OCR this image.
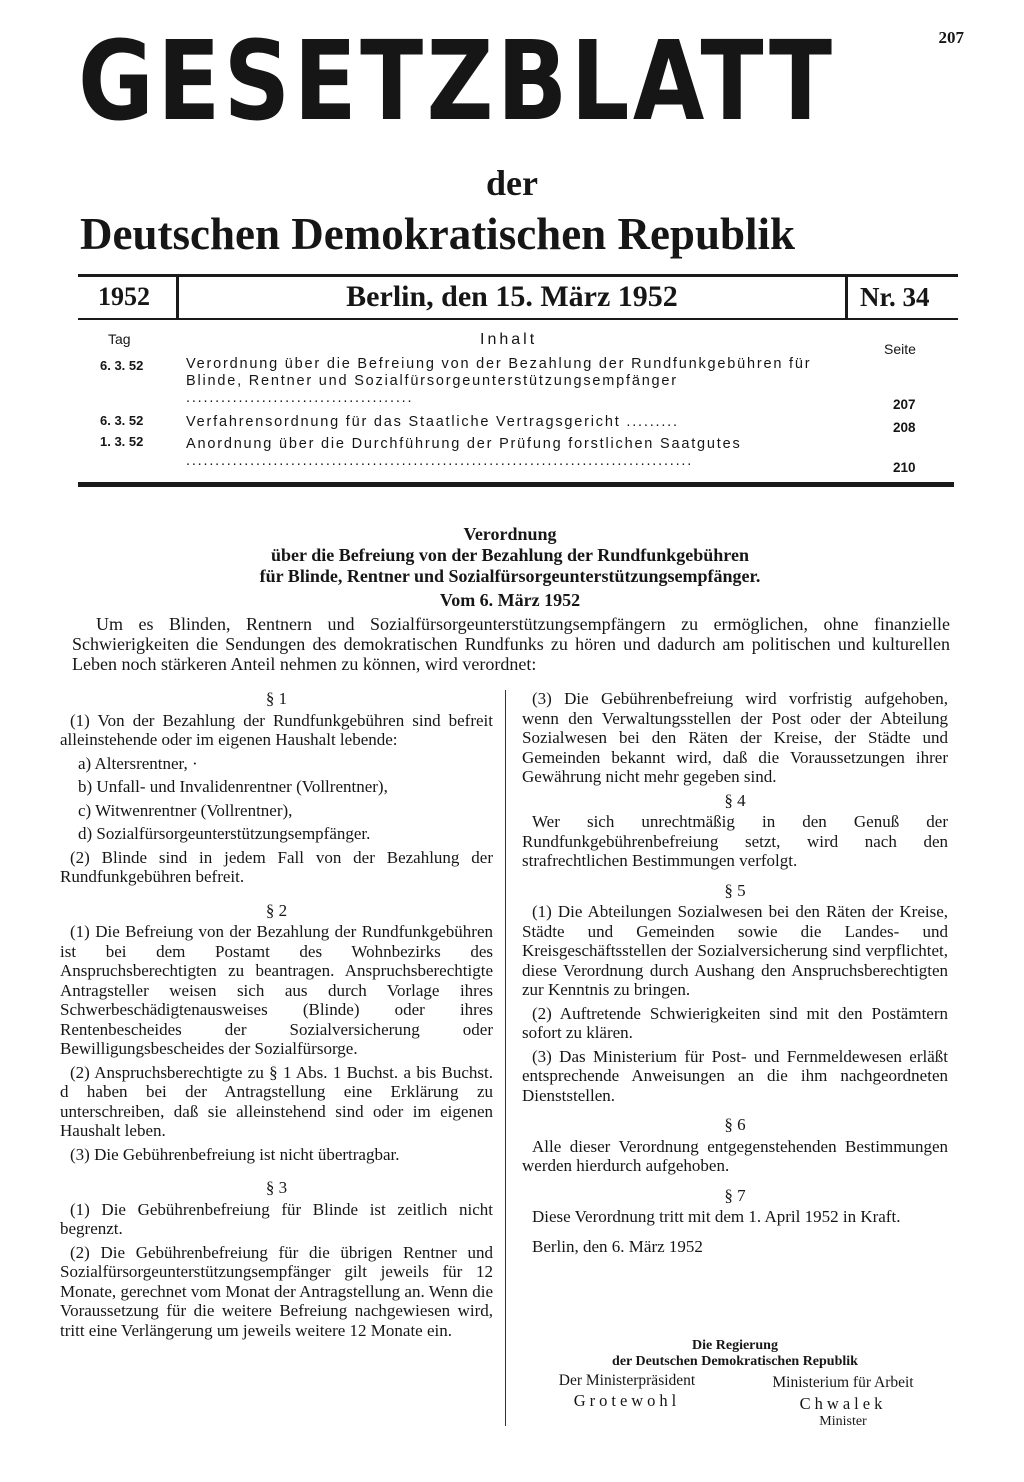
207
GESETZBLATT
der
Deutschen Demokratischen Republik
1952	Berlin, den 15. März 1952	Nr. 34
Tag	Inhalt
Seite
6. 3. 52	Verordnung über die Befreiung von der Bezahlung der Rundfunkgebühren für Blinde, Rentner und Sozialfürsorgeunterstützungsempfänger .......................................	207
6. 3. 52	Verfahrensordnung für das Staatliche Vertragsgericht .........	208
1. 3. 52	Anordnung über die Durchführung der Prüfung forstlichen Saatgutes .......................................................................................	210
Verordnung
über die Befreiung von der Bezahlung der Rundfunkgebühren
für Blinde, Rentner und Sozialfürsorgeunterstützungsempfänger.
Vom 6. März 1952
Um es Blinden, Rentnern und Sozialfürsorgeunterstützungsempfängern zu ermöglichen, ohne finanzielle Schwierigkeiten die Sendungen des demokratischen Rundfunks zu hören und dadurch am politischen und kulturellen Leben noch stärkeren Anteil nehmen zu können, wird verordnet:

§ 1

(1) Von der Bezahlung der Rundfunkgebühren sind befreit alleinstehende oder im eigenen Haushalt lebende:

a) Altersrentner, ·

b) Unfall- und Invalidenrentner (Vollrentner),

c) Witwenrentner (Vollrentner),

d) Sozialfürsorgeunterstützungsempfänger.

(2) Blinde sind in jedem Fall von der Bezahlung der Rundfunkgebühren befreit.

§ 2

(1) Die Befreiung von der Bezahlung der Rundfunkgebühren ist bei dem Postamt des Wohnbezirks des Anspruchsberechtigten zu beantragen. Anspruchsberechtigte Antragsteller weisen sich aus durch Vorlage ihres Schwerbeschädigtenausweises (Blinde) oder ihres Rentenbescheides der Sozialversicherung oder Bewilligungsbescheides der Sozialfürsorge.

(2) Anspruchsberechtigte zu § 1 Abs. 1 Buchst. a bis Buchst. d haben bei der Antragstellung eine Erklärung zu unterschreiben, daß sie alleinstehend sind oder im eigenen Haushalt leben.

(3) Die Gebührenbefreiung ist nicht übertragbar.

§ 3

(1) Die Gebührenbefreiung für Blinde ist zeitlich nicht begrenzt.

(2) Die Gebührenbefreiung für die übrigen Rentner und Sozialfürsorgeunterstützungsempfänger gilt jeweils für 12 Monate, gerechnet vom Monat der Antragstellung an. Wenn die Voraussetzung für die weitere Befreiung nachgewiesen wird, tritt eine Verlängerung um jeweils weitere 12 Monate ein.

(3) Die Gebührenbefreiung wird vorfristig aufgehoben, wenn den Verwaltungsstellen der Post oder der Abteilung Sozialwesen bei den Räten der Kreise, der Städte und Gemeinden bekannt wird, daß die Voraussetzungen ihrer Gewährung nicht mehr gegeben sind.

§ 4

Wer sich unrechtmäßig in den Genuß der Rundfunkgebührenbefreiung setzt, wird nach den strafrechtlichen Bestimmungen verfolgt.

§ 5

(1) Die Abteilungen Sozialwesen bei den Räten der Kreise, Städte und Gemeinden sowie die Landes- und Kreisgeschäftsstellen der Sozialversicherung sind verpflichtet, diese Verordnung durch Aushang den Anspruchsberechtigten zur Kenntnis zu bringen.

(2) Auftretende Schwierigkeiten sind mit den Postämtern sofort zu klären.

(3) Das Ministerium für Post- und Fernmeldewesen erläßt entsprechende Anweisungen an die ihm nachgeordneten Dienststellen.

§ 6

Alle dieser Verordnung entgegenstehenden Bestimmungen werden hierdurch aufgehoben.

§ 7

Diese Verordnung tritt mit dem 1. April 1952 in Kraft.

Berlin, den 6. März 1952

Die Regierung
der Deutschen Demokratischen Republik
Der Ministerpräsident	Ministerium für Arbeit
Grotewohl	Chwalek
Minister
